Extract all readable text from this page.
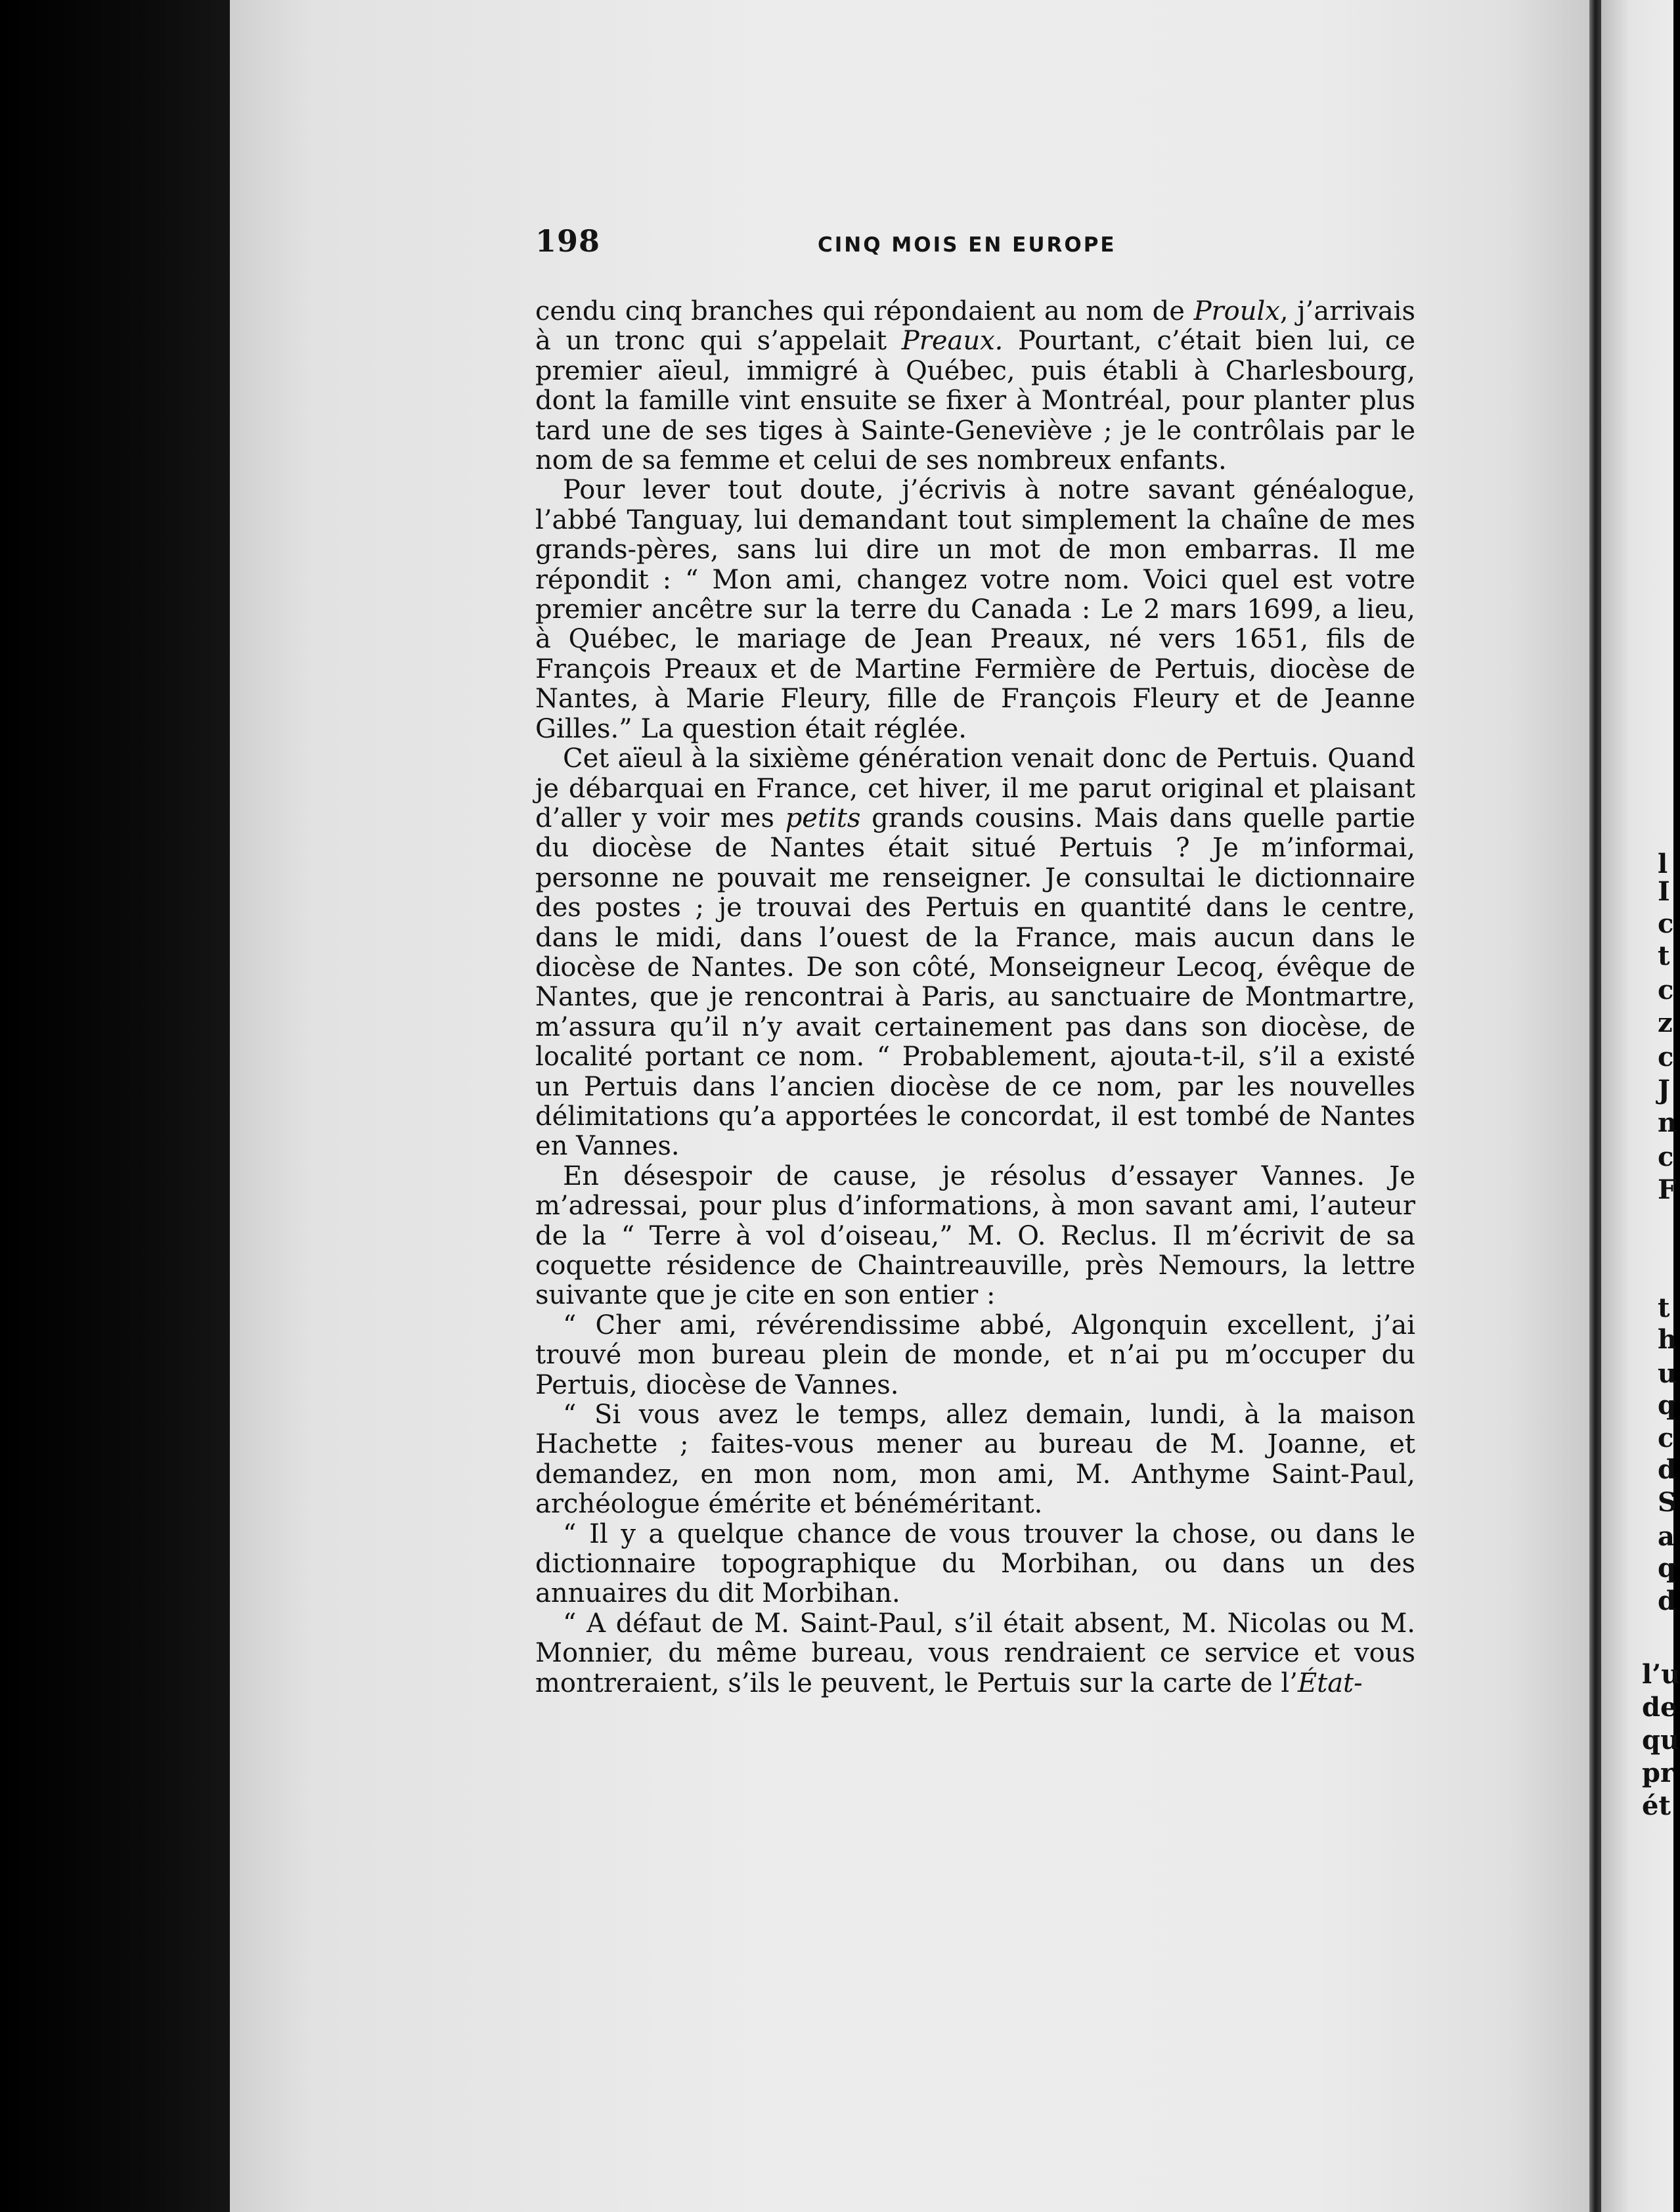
198	CINQ MOIS EN EUROPE

cendu cinq branches qui répondaient au nom de Proulx, j’arrivais à un tronc qui s’appelait Preaux. Pourtant, c’était bien lui, ce premier aïeul, immigré à Québec, puis établi à Charlesbourg, dont la famille vint ensuite se fixer à Montréal, pour planter plus tard une de ses tiges à Sainte-Geneviève ; je le contrôlais par le nom de sa femme et celui de ses nombreux enfants.

Pour lever tout doute, j’écrivis à notre savant généalogue, l’abbé Tanguay, lui demandant tout simplement la chaîne de mes grands-pères, sans lui dire un mot de mon embarras. Il me répondit : “ Mon ami, changez votre nom. Voici quel est votre premier ancêtre sur la terre du Canada : Le 2 mars 1699, a lieu, à Québec, le mariage de Jean Preaux, né vers 1651, fils de François Preaux et de Martine Fermière de Pertuis, diocèse de Nantes, à Marie Fleury, fille de François Fleury et de Jeanne Gilles.” La question était réglée.

Cet aïeul à la sixième génération venait donc de Pertuis. Quand je débarquai en France, cet hiver, il me parut original et plaisant d’aller y voir mes petits grands cousins. Mais dans quelle partie du diocèse de Nantes était situé Pertuis ? Je m’informai, personne ne pouvait me renseigner. Je consultai le dictionnaire des postes ; je trouvai des Pertuis en quantité dans le centre, dans le midi, dans l’ouest de la France, mais aucun dans le diocèse de Nantes. De son côté, Monseigneur Lecoq, évêque de Nantes, que je rencontrai à Paris, au sanctuaire de Montmartre, m’assura qu’il n’y avait certainement pas dans son diocèse, de localité portant ce nom. “ Probablement, ajouta-t-il, s’il a existé un Pertuis dans l’ancien diocèse de ce nom, par les nouvelles délimitations qu’a apportées le concordat, il est tombé de Nantes en Vannes.

En désespoir de cause, je résolus d’essayer Vannes. Je m’adressai, pour plus d’informations, à mon savant ami, l’auteur de la “ Terre à vol d’oiseau,” M. O. Reclus. Il m’écrivit de sa coquette résidence de Chaintreauville, près Nemours, la lettre suivante que je cite en son entier :

“ Cher ami, révérendissime abbé, Algonquin excellent, j’ai trouvé mon bureau plein de monde, et n’ai pu m’occuper du Pertuis, diocèse de Vannes.

“ Si vous avez le temps, allez demain, lundi, à la maison Hachette ; faites-vous mener au bureau de M. Joanne, et demandez, en mon nom, mon ami, M. Anthyme Saint-Paul, archéologue émérite et bénéméritant.

“ Il y a quelque chance de vous trouver la chose, ou dans le dictionnaire topographique du Morbihan, ou dans un des annuaires du dit Morbihan.

“ A défaut de M. Saint-Paul, s’il était absent, M. Nicolas ou M. Monnier, du même bureau, vous rendraient ce service et vous montreraient, s’ils le peuvent, le Pertuis sur la carte de l’État-

l
I
c
t
c
z
c
J
n
c
F
t
h
u
q
c
d
S
a
q
d
l’u
de
qu
pr
ét
